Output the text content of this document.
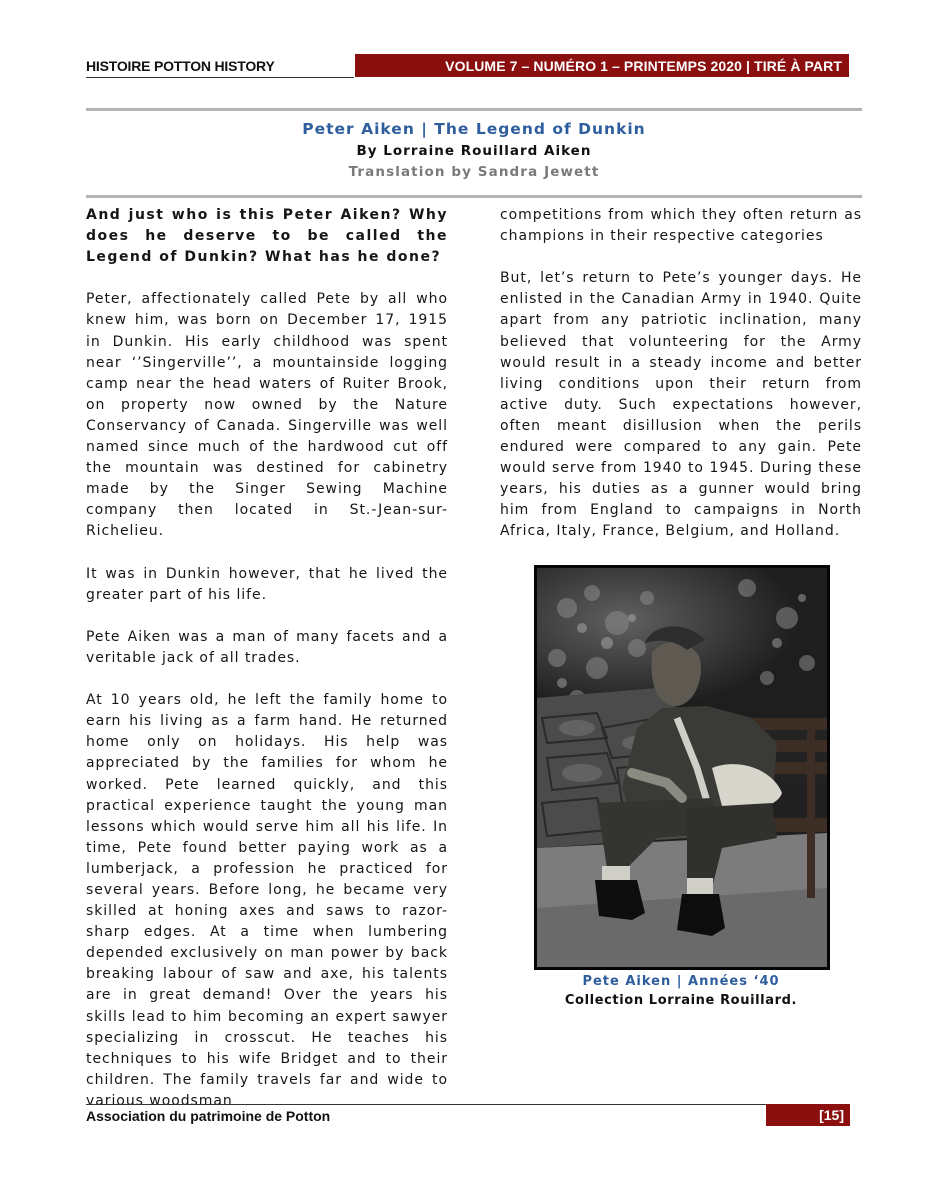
HISTOIRE POTTON HISTORY	VOLUME 7 – NUMÉRO 1 – PRINTEMPS 2020 | TIRÉ À PART
Peter Aiken | The Legend of Dunkin
By Lorraine Rouillard Aiken
Translation by Sandra Jewett

And just who is this Peter Aiken? Why does he deserve to be called the Legend of Dunkin? What has he done?

Peter, affectionately called Pete by all who knew him, was born on December 17, 1915 in Dunkin. His early childhood was spent near ‘’Singerville’’, a mountainside logging camp near the head waters of Ruiter Brook, on property now owned by the Nature Conservancy of Canada. Singerville was well named since much of the hardwood cut off the mountain was destined for cabinetry made by the Singer Sewing Machine company then located in St.-Jean-sur-Richelieu.

It was in Dunkin however, that he lived the greater part of his life.

Pete Aiken was a man of many facets and a veritable jack of all trades.

At 10 years old, he left the family home to earn his living as a farm hand. He returned home only on holidays. His help was appreciated by the families for whom he worked. Pete learned quickly, and this practical experience taught the young man lessons which would serve him all his life. In time, Pete found better paying work as a lumberjack, a profession he practiced for several years. Before long, he became very skilled at honing axes and saws to razor-sharp edges. At a time when lumbering depended exclusively on man power by back breaking labour of saw and axe, his talents are in great demand! Over the years his skills lead to him becoming an expert sawyer specializing in crosscut. He teaches his techniques to his wife Bridget and to their children. The family travels far and wide to various woodsman

competitions from which they often return as champions in their respective categories

But, let’s return to Pete’s younger days. He enlisted in the Canadian Army in 1940. Quite apart from any patriotic inclination, many believed that volunteering for the Army would result in a steady income and better living conditions upon their return from active duty. Such expectations however, often meant disillusion when the perils endured were compared to any gain. Pete would serve from 1940 to 1945. During these years, his duties as a gunner would bring him from England to campaigns in North Africa, Italy, France, Belgium, and Holland.

Pete Aiken | Années ‘40
Collection Lorraine Rouillard.
Association du patrimoine de Potton	[15]
